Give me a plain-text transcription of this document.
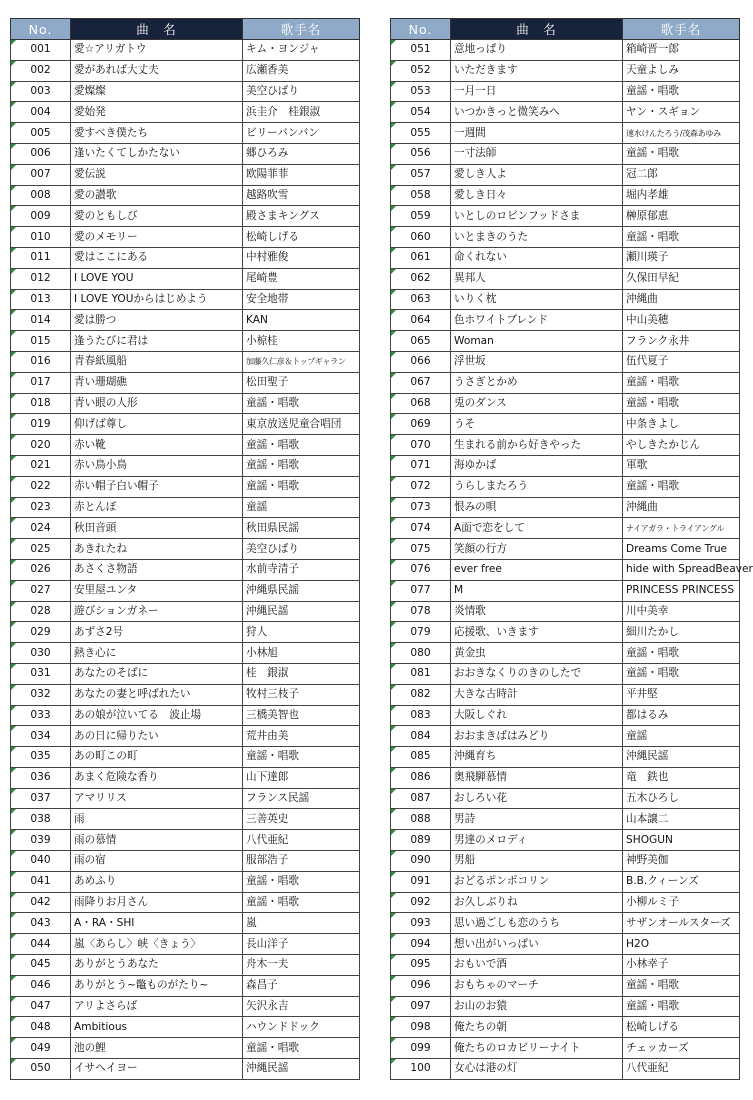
No.	曲　名	歌手名
001	愛☆アリガトウ	キム・ヨンジャ
002	愛があれば大丈夫	広瀬香美
003	愛燦燦	美空ひばり
004	愛始発	浜圭介　桂銀淑
005	愛すべき僕たち	ビリーバンバン
006	逢いたくてしかたない	郷ひろみ
007	愛伝説	欧陽菲菲
008	愛の讃歌	越路吹雪
009	愛のともしび	殿さまキングス
010	愛のメモリー	松崎しげる
011	愛はここにある	中村雅俊
012	I LOVE YOU	尾崎豊
013	I LOVE YOUからはじめよう	安全地帯
014	愛は勝つ	KAN
015	逢うたびに君は	小椋桂
016	青春紙風船	加藤久仁彦＆トップギャラン
017	青い珊瑚礁	松田聖子
018	青い眼の人形	童謡・唱歌
019	仰げば尊し	東京放送児童合唱団
020	赤い靴	童謡・唱歌
021	赤い鳥小鳥	童謡・唱歌
022	赤い帽子白い帽子	童謡・唱歌
023	赤とんぼ	童謡
024	秋田音頭	秋田県民謡
025	あきれたね	美空ひばり
026	あさくさ物語	水前寺清子
027	安里屋ユンタ	沖縄県民謡
028	遊びションガネー	沖縄民謡
029	あずさ2号	狩人
030	熱き心に	小林旭
031	あなたのそばに	桂　銀淑
032	あなたの妻と呼ばれたい	牧村三枝子
033	あの娘が泣いてる　波止場	三橋美智也
034	あの日に帰りたい	荒井由美
035	あの町この町	童謡・唱歌
036	あまく危険な香り	山下達郎
037	アマリリス	フランス民謡
038	雨	三善英史
039	雨の慕情	八代亜紀
040	雨の宿	服部浩子
041	あめふり	童謡・唱歌
042	雨降りお月さん	童謡・唱歌
043	A・RA・SHI	嵐
044	嵐〈あらし〉峡〈きょう〉	長山洋子
045	ありがとうあなた	舟木一夫
046	ありがとう~鼈ものがたり~	森昌子
047	アリよさらば	矢沢永吉
048	Ambitious	ハウンドドック
049	池の鯉	童謡・唱歌
050	イサヘイヨー	沖縄民謡
No.	曲　名	歌手名
051	意地っぱり	箱崎晋一郎
052	いただきます	天童よしみ
053	一月一日	童謡・唱歌
054	いつかきっと微笑みへ	ヤン・スギョン
055	一週間	速水けんたろう/茂森あゆみ
056	一寸法師	童謡・唱歌
057	愛しき人よ	冠二郎
058	愛しき日々	堀内孝雄
059	いとしのロビンフッドさま	榊原郁恵
060	いとまきのうた	童謡・唱歌
061	命くれない	瀬川瑛子
062	異邦人	久保田早紀
063	いりく枕	沖縄曲
064	色ホワイトブレンド	中山美穂
065	Woman	フランク永井
066	浮世坂	伍代夏子
067	うさぎとかめ	童謡・唱歌
068	兎のダンス	童謡・唱歌
069	うそ	中条きよし
070	生まれる前から好きやった	やしきたかじん
071	海ゆかば	軍歌
072	うらしまたろう	童謡・唱歌
073	恨みの唄	沖縄曲
074	A面で恋をして	ナイアガラ・トライアングル
075	笑顔の行方	Dreams Come True
076	ever free	hide with SpreadBeaver
077	M	PRINCESS PRINCESS
078	炎情歌	川中美幸
079	応援歌、いきます	細川たかし
080	黄金虫	童謡・唱歌
081	おおきなくりのきのしたで	童謡・唱歌
082	大きな古時計	平井堅
083	大阪しぐれ	都はるみ
084	おおまきばはみどり	童謡
085	沖縄育ち	沖縄民謡
086	奥飛騨慕情	竜　鉄也
087	おしろい花	五木ひろし
088	男詩	山本譲二
089	男達のメロディ	SHOGUN
090	男船	神野美伽
091	おどるポンポコリン	B.B.クィーンズ
092	お久しぶりね	小柳ルミ子
093	思い過ごしも恋のうち	サザンオールスターズ
094	想い出がいっぱい	H2O
095	おもいで酒	小林幸子
096	おもちゃのマーチ	童謡・唱歌
097	お山のお猿	童謡・唱歌
098	俺たちの朝	松崎しげる
099	俺たちのロカビリーナイト	チェッカーズ
100	女心は港の灯	八代亜紀
